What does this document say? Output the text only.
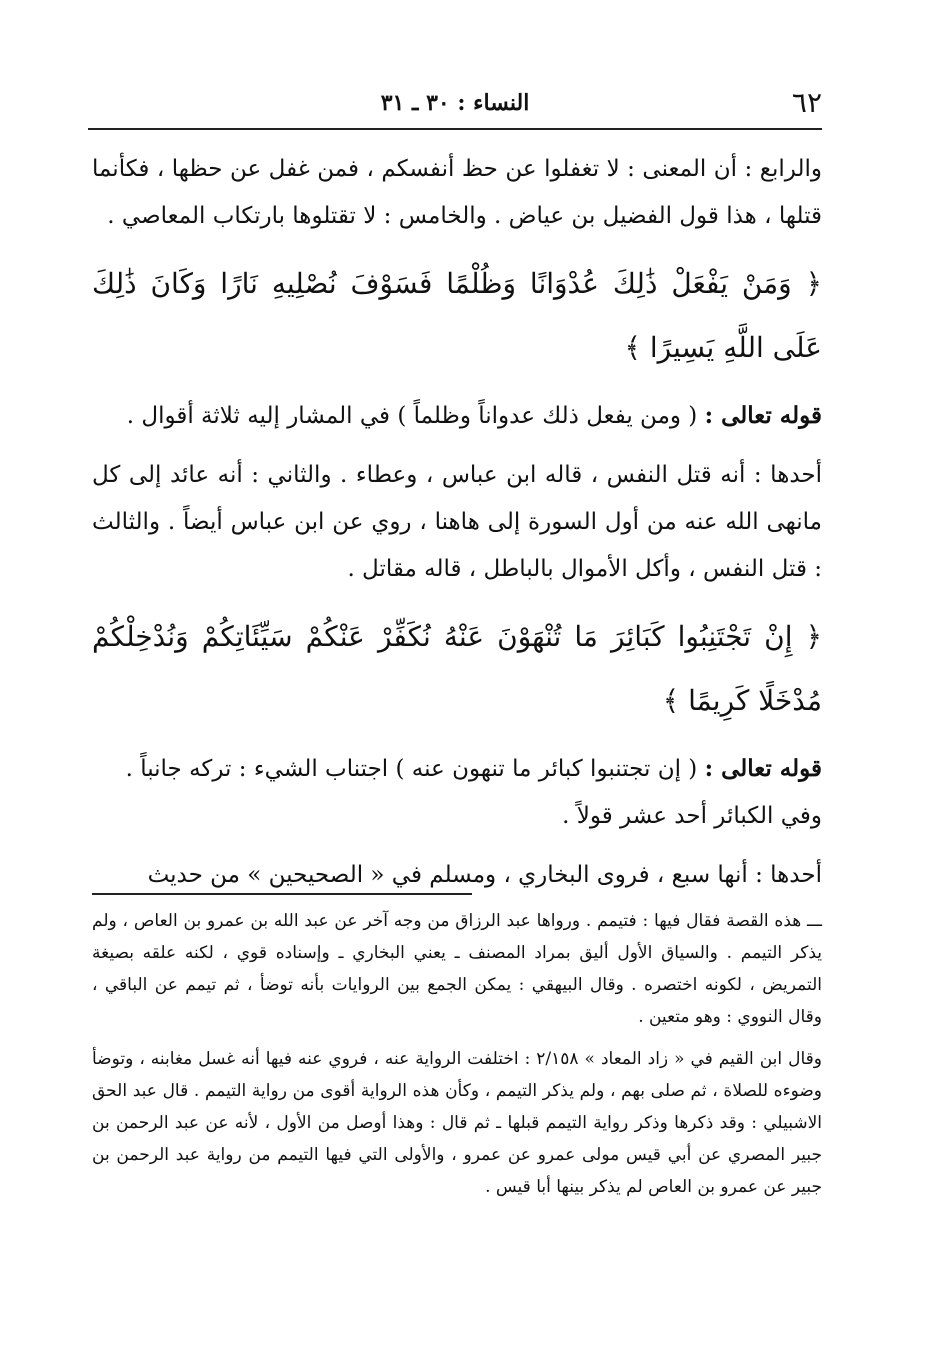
٦٢
النساء : ٣٠ ـ ٣١

والرابع : أن المعنى : لا تغفلوا عن حظ أنفسكم ، فمن غفل عن حظها ، فكأنما قتلها ، هذا قول الفضيل بن عياض . والخامس : لا تقتلوها بارتكاب المعاصي .

﴿ وَمَنْ يَفْعَلْ ذَٰلِكَ عُدْوَانًا وَظُلْمًا فَسَوْفَ نُصْلِيهِ نَارًا وَكَانَ ذَٰلِكَ عَلَى اللَّهِ يَسِيرًا ﴾

قوله تعالى : ( ومن يفعل ذلك عدواناً وظلماً ) في المشار إليه ثلاثة أقوال .

أحدها : أنه قتل النفس ، قاله ابن عباس ، وعطاء . والثاني : أنه عائد إلى كل مانهى الله عنه من أول السورة إلى هاهنا ، روي عن ابن عباس أيضاً . والثالث : قتل النفس ، وأكل الأموال بالباطل ، قاله مقاتل .

﴿ إِنْ تَجْتَنِبُوا كَبَائِرَ مَا تُنْهَوْنَ عَنْهُ نُكَفِّرْ عَنْكُمْ سَيِّئَاتِكُمْ وَنُدْخِلْكُمْ مُدْخَلًا كَرِيمًا ﴾

قوله تعالى : ( إن تجتنبوا كبائر ما تنهون عنه ) اجتناب الشيء : تركه جانباً .

وفي الكبائر أحد عشر قولاً .

أحدها : أنها سبع ، فروى البخاري ، ومسلم في « الصحيحين » من حديث

ـــ هذه القصة فقال فيها : فتيمم . ورواها عبد الرزاق من وجه آخر عن عبد الله بن عمرو بن العاص ، ولم يذكر التيمم . والسياق الأول أليق بمراد المصنف ـ يعني البخاري ـ وإسناده قوي ، لكنه علقه بصيغة التمريض ، لكونه اختصره . وقال البيهقي : يمكن الجمع بين الروايات بأنه توضأ ، ثم تيمم عن الباقي ، وقال النووي : وهو متعين .

وقال ابن القيم في « زاد المعاد » ٢/١٥٨ : اختلفت الرواية عنه ، فروي عنه فيها أنه غسل مغابنه ، وتوضأ وضوءه للصلاة ، ثم صلى بهم ، ولم يذكر التيمم ، وكأن هذه الرواية أقوى من رواية التيمم . قال عبد الحق الاشبيلي : وقد ذكرها وذكر رواية التيمم قبلها ـ ثم قال : وهذا أوصل من الأول ، لأنه عن عبد الرحمن بن جبير المصري عن أبي قيس مولى عمرو عن عمرو ، والأولى التي فيها التيمم من رواية عبد الرحمن بن جبير عن عمرو بن العاص لم يذكر بينها أبا قيس .
